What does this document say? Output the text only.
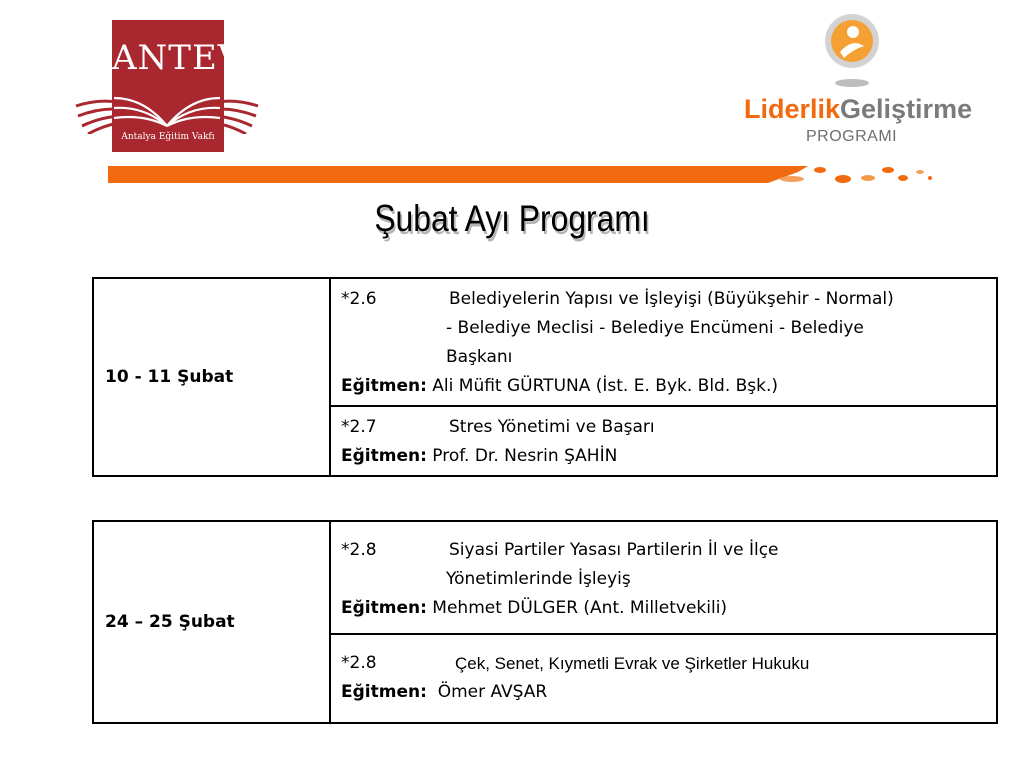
ANTEV
Antalya Eğitim Vakfı
LiderlikGeliştirme
PROGRAMI
Şubat Ayı Programı
10 - 11 Şubat	
*2.6	Belediyelerin Yapısı ve İşleyişi (Büyükşehir - Normal)
- Belediye Meclisi - Belediye Encümeni - Belediye
Başkanı
Eğitmen: Ali Müfit GÜRTUNA (İst. E. Byk. Bld. Bşk.)

*2.7	Stres Yönetimi ve Başarı
Eğitmen: Prof. Dr. Nesrin ŞAHİN
24 – 25 Şubat	
*2.8	Siyasi Partiler Yasası Partilerin İl ve İlçe
Yönetimlerinde İşleyiş
Eğitmen: Mehmet DÜLGER (Ant. Milletvekili)

*2.8	Çek, Senet, Kıymetli Evrak ve Şirketler Hukuku
Eğitmen: Ömer AVŞAR
